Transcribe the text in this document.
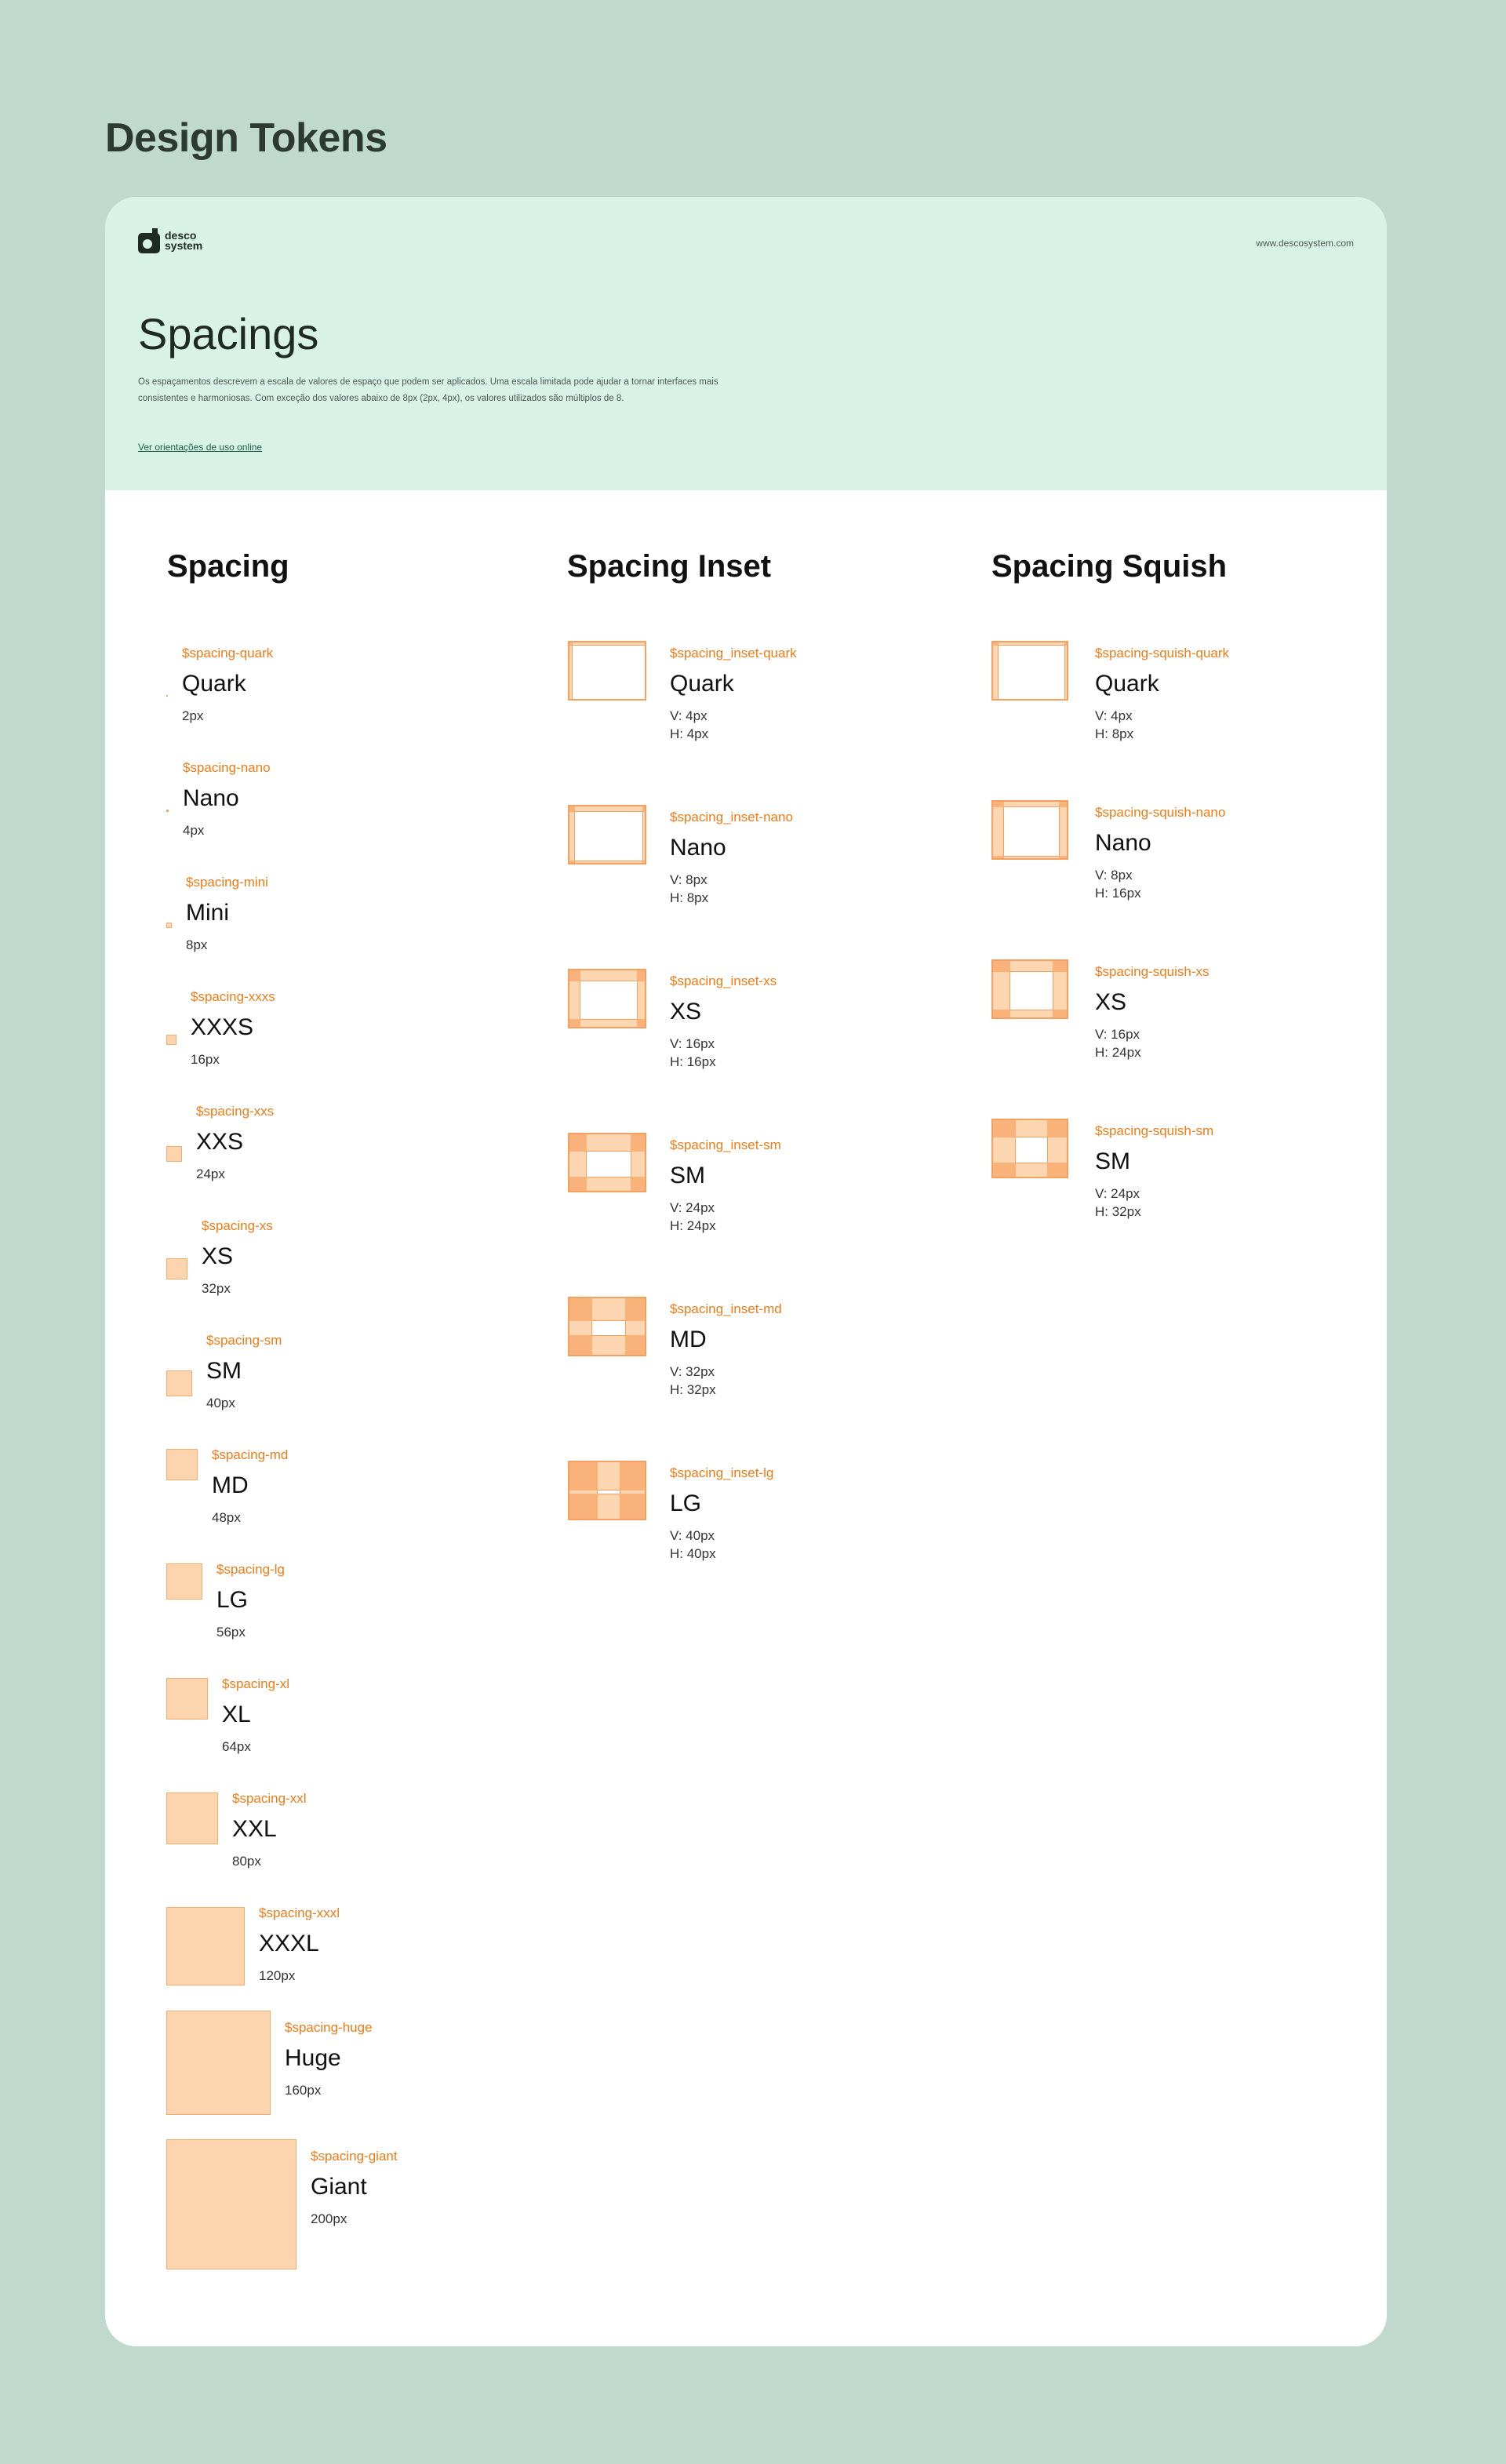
Design Tokens
desco
system	www.descosystem.com
Spacings

Os espaçamentos descrevem a escala de valores de espaço que podem ser aplicados. Uma escala limitada pode ajudar a tornar interfaces mais consistentes e harmoniosas. Com exceção dos valores abaixo de 8px (2px, 4px), os valores utilizados são múltiplos de 8.

Ver orientações de uso online
Spacing	Spacing Inset	Spacing Squish
$spacing-quark
Quark
2px
$spacing-nano
Nano
4px
$spacing-mini
Mini
8px
$spacing-xxxs
XXXS
16px
$spacing-xxs
XXS
24px
$spacing-xs
XS
32px
$spacing-sm
SM
40px
$spacing-md
MD
48px
$spacing-lg
LG
56px
$spacing-xl
XL
64px
$spacing-xxl
XXL
80px
$spacing-xxxl
XXXL
120px
$spacing-huge
Huge
160px
$spacing-giant
Giant
200px
$spacing_inset-quark
Quark
V: 4px
H: 4px
$spacing_inset-nano
Nano
V: 8px
H: 8px
$spacing_inset-xs
XS
V: 16px
H: 16px
$spacing_inset-sm
SM
V: 24px
H: 24px
$spacing_inset-md
MD
V: 32px
H: 32px
$spacing_inset-lg
LG
V: 40px
H: 40px
$spacing-squish-quark
Quark
V: 4px
H: 8px
$spacing-squish-nano
Nano
V: 8px
H: 16px
$spacing-squish-xs
XS
V: 16px
H: 24px
$spacing-squish-sm
SM
V: 24px
H: 32px
